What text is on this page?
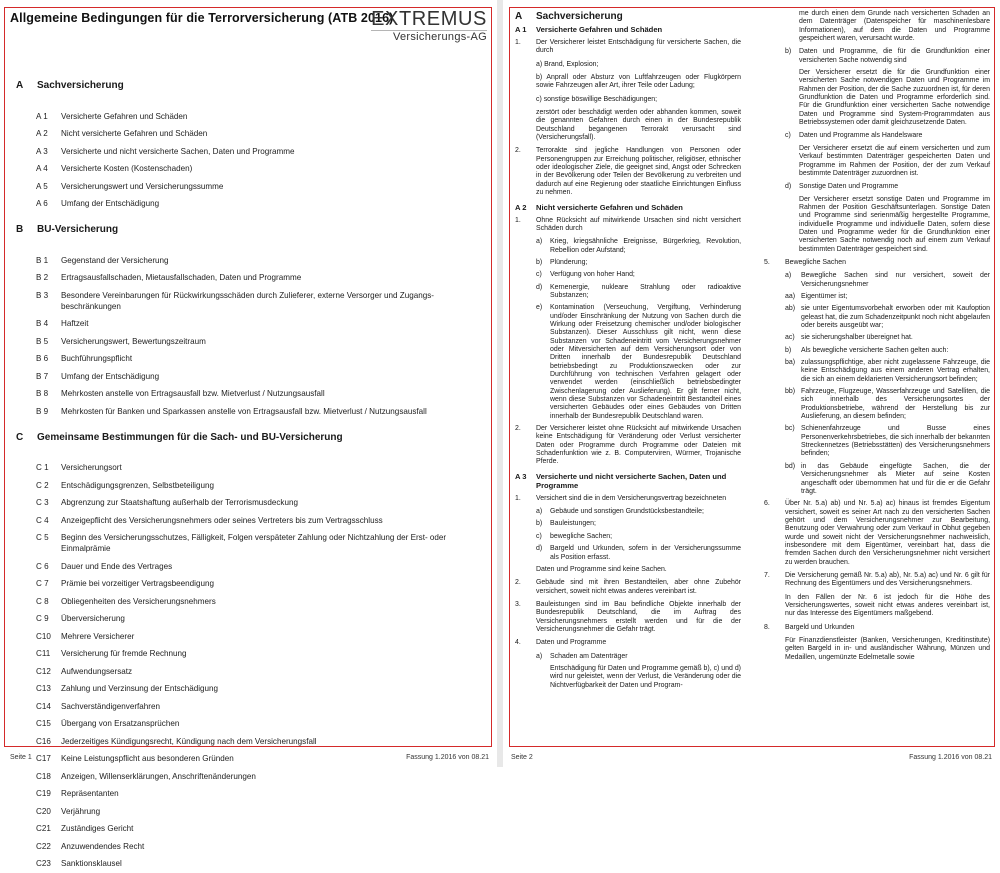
Allgemeine Bedingungen für die Terrorversicherung (ATB 2016)
EXTREMUS
Versicherungs-AG
A Sachversicherung
A 1 Versicherte Gefahren und Schäden
A 2 Nicht versicherte Gefahren und Schäden
A 3 Versicherte und nicht versicherte Sachen, Daten und Programme
A 4 Versicherte Kosten (Kostenschaden)
A 5 Versicherungswert und Versicherungssumme
A 6 Umfang der Entschädigung
B BU-Versicherung
B 1 Gegenstand der Versicherung
B 2 Ertragsausfallschaden, Mietausfallschaden, Daten und Programme
B 3 Besondere Vereinbarungen für Rückwirkungsschäden durch Zulieferer, externe Versorger und Zugangs-beschränkungen
B 4 Haftzeit
B 5 Versicherungswert, Bewertungszeitraum
B 6 Buchführungspflicht
B 7 Umfang der Entschädigung
B 8 Mehrkosten anstelle von Ertragsausfall bzw. Mietverlust / Nutzungsausfall
B 9 Mehrkosten für Banken und Sparkassen anstelle von Ertragsausfall bzw. Mietverlust / Nutzungsausfall
C Gemeinsame Bestimmungen für die Sach- und BU-Versicherung
C 1 Versicherungsort
C 2 Entschädigungsgrenzen, Selbstbeteiligung
C 3 Abgrenzung zur Staatshaftung außerhalb der Terrorismusdeckung
C 4 Anzeigepflicht des Versicherungsnehmers oder seines Vertreters bis zum Vertragsschluss
C 5 Beginn des Versicherungsschutzes, Fälligkeit, Folgen verspäteter Zahlung oder Nichtzahlung der Erst- oder Einmalprämie
C 6 Dauer und Ende des Vertrages
C 7 Prämie bei vorzeitiger Vertragsbeendigung
C 8 Obliegenheiten des Versicherungsnehmers
C 9 Überversicherung
C10 Mehrere Versicherer
C11 Versicherung für fremde Rechnung
C12 Aufwendungsersatz
C13 Zahlung und Verzinsung der Entschädigung
C14 Sachverständigenverfahren
C15 Übergang von Ersatzansprüchen
C16 Jederzeitiges Kündigungsrecht, Kündigung nach dem Versicherungsfall
C17 Keine Leistungspflicht aus besonderen Gründen
C18 Anzeigen, Willenserklärungen, Anschriftenänderungen
C19 Repräsentanten
C20 Verjährung
C21 Zuständiges Gericht
C22 Anzuwendendes Recht
C23 Sanktionsklausel
Seite 1	Fassung 1.2016 von 08.21
A Sachversicherung
A 1 Versicherte Gefahren und Schäden
1. Der Versicherer leistet Entschädigung für versicherte Sachen, die durch
a) Brand, Explosion;
b) Anprall oder Absturz von Luftfahrzeugen oder Flugkörpern sowie Fahrzeugen aller Art, ihrer Teile oder Ladung;
c) sonstige böswillige Beschädigungen;
zerstört oder beschädigt werden oder abhanden kommen, soweit die genannten Gefahren durch einen in der Bundesrepublik Deutschland begangenen Terrorakt verursacht sind (Versicherungsfall).
2. Terrorakte sind jegliche Handlungen von Personen oder Personengruppen zur Erreichung politischer, religiöser, ethnischer oder ideologischer Ziele, die geeignet sind, Angst oder Schrecken in der Bevölkerung oder Teilen der Bevölkerung zu verbreiten und dadurch auf eine Regierung oder staatliche Einrichtungen Einfluss zu nehmen.
A 2 Nicht versicherte Gefahren und Schäden
1. Ohne Rücksicht auf mitwirkende Ursachen sind nicht versichert Schäden durch
a) Krieg, kriegsähnliche Ereignisse, Bürgerkrieg, Revolution, Rebellion oder Aufstand;
b) Plünderung;
c) Verfügung von hoher Hand;
d) Kernenergie, nukleare Strahlung oder radioaktive Substanzen;
e) Kontamination (Verseuchung, Vergiftung, Verhinderung und/oder Einschränkung der Nutzung von Sachen durch die Wirkung oder Freisetzung chemischer und/oder biologischer Substanzen). Dieser Ausschluss gilt nicht, wenn diese Substanzen vor Schadeneintritt vom Versicherungsnehmer oder Mitversicherten auf dem Versicherungsort oder von Dritten innerhalb der Bundesrepublik Deutschland betriebsbedingt zu Produktionszwecken oder zur Durchführung von technischen Verfahren gelagert oder verwendet werden (einschließlich betriebsbedingter Zwischenlagerung oder Auslieferung). Er gilt ferner nicht, wenn diese Substanzen vor Schadeneintritt Bestandteil eines versicherten Gebäudes oder eines Gebäudes von Dritten innerhalb der Bundesrepublik Deutschland waren.
2. Der Versicherer leistet ohne Rücksicht auf mitwirkende Ursachen keine Entschädigung für Veränderung oder Verlust versicherter Daten oder Programme durch Programme oder Dateien mit Schadenfunktion wie z. B. Computerviren, Würmer, Trojanische Pferde.
A 3 Versicherte und nicht versicherte Sachen, Daten und Programme
1. Versichert sind die in dem Versicherungsvertrag bezeichneten
a) Gebäude und sonstigen Grundstücksbestandteile;
b) Bauleistungen;
c) bewegliche Sachen;
d) Bargeld und Urkunden, sofern in der Versicherungssumme als Position erfasst.
Daten und Programme sind keine Sachen.
2. Gebäude sind mit ihren Bestandteilen, aber ohne Zubehör versichert, soweit nicht etwas anderes vereinbart ist.
3. Bauleistungen sind im Bau befindliche Objekte innerhalb der Bundesrepublik Deutschland, die im Auftrag des Versicherungsnehmers erstellt werden und für die der Versicherungsnehmer die Gefahr trägt.
4. Daten und Programme
a) Schaden am Datenträger
Entschädigung für Daten und Programme gemäß b), c) und d) wird nur geleistet, wenn der Verlust, die Veränderung oder die Nichtverfügbarkeit der Daten und Program-
me durch einen dem Grunde nach versicherten Schaden an dem Datenträger (Datenspeicher für maschinenlesbare Informationen), auf dem die Daten und Programme gespeichert waren, verursacht wurde.
b) Daten und Programme, die für die Grundfunktion einer versicherten Sache notwendig sind
Der Versicherer ersetzt die für die Grundfunktion einer versicherten Sache notwendigen Daten und Programme im Rahmen der Position, der die Sache zuzuordnen ist, für deren Grundfunktion die Daten und Programme erforderlich sind. Für die Grundfunktion einer versicherten Sache notwendige Daten und Programme sind System-Programmdaten aus Betriebssystemen oder damit gleichzusetzende Daten.
c) Daten und Programme als Handelsware
Der Versicherer ersetzt die auf einem versicherten und zum Verkauf bestimmten Datenträger gespeicherten Daten und Programme im Rahmen der Position, der der zum Verkauf bestimmte Datenträger zuzuordnen ist.
d) Sonstige Daten und Programme
Der Versicherer ersetzt sonstige Daten und Programme im Rahmen der Position Geschäftsunterlagen. Sonstige Daten und Programme sind serienmäßig hergestellte Programme, individuelle Programme und individuelle Daten, sofern diese Daten und Programme weder für die Grundfunktion einer versicherten Sache notwendig noch auf einem zum Verkauf bestimmten Datenträger gespeichert sind.
5. Bewegliche Sachen
a) Bewegliche Sachen sind nur versichert, soweit der Versicherungsnehmer
aa) Eigentümer ist;
ab) sie unter Eigentumsvorbehalt erworben oder mit Kaufoption geleast hat, die zum Schadenzeitpunkt noch nicht abgelaufen oder bereits ausgeübt war;
ac) sie sicherungshalber übereignet hat.
b) Als bewegliche versicherte Sachen gelten auch:
ba) zulassungspflichtige, aber nicht zugelassene Fahrzeuge, die keine Entschädigung aus einem anderen Vertrag erhalten, die sich an einem deklarierten Versicherungsort befinden;
bb) Fahrzeuge, Flugzeuge, Wasserfahrzeuge und Satelliten, die sich innerhalb des Versicherungsortes der Produktionsbetriebe, während der Herstellung bis zur Auslieferung, an diesem befinden;
bc) Schienenfahrzeuge und Busse eines Personenverkehrsbetriebes, die sich innerhalb der bekannten Streckennetzes (Betriebsstätten) des Versicherungsnehmers befinden;
bd) in das Gebäude eingefügte Sachen, die der Versicherungsnehmer als Mieter auf seine Kosten angeschafft oder übernommen hat und für die er die Gefahr trägt.
6. Über Nr. 5.a) ab) und Nr. 5.a) ac) hinaus ist fremdes Eigentum versichert, soweit es seiner Art nach zu den versicherten Sachen gehört und dem Versicherungsnehmer zur Bearbeitung, Benutzung oder Verwahrung oder zum Verkauf in Obhut gegeben wurde und soweit nicht der Versicherungsnehmer nachweislich, insbesondere mit dem Eigentümer, vereinbart hat, dass die fremden Sachen durch den Versicherungsnehmer nicht versichert zu werden brauchen.
7. Die Versicherung gemäß Nr. 5.a) ab), Nr. 5.a) ac) und Nr. 6 gilt für Rechnung des Eigentümers und des Versicherungsnehmers.
In den Fällen der Nr. 6 ist jedoch für die Höhe des Versicherungswertes, soweit nicht etwas anderes vereinbart ist, nur das Interesse des Eigentümers maßgebend.
8. Bargeld und Urkunden
Für Finanzdienstleister (Banken, Versicherungen, Kreditinstitute) gelten Bargeld in in- und ausländischer Währung, Münzen und Medaillen, ungemünzte Edelmetalle sowie
Seite 2	Fassung 1.2016 von 08.21
